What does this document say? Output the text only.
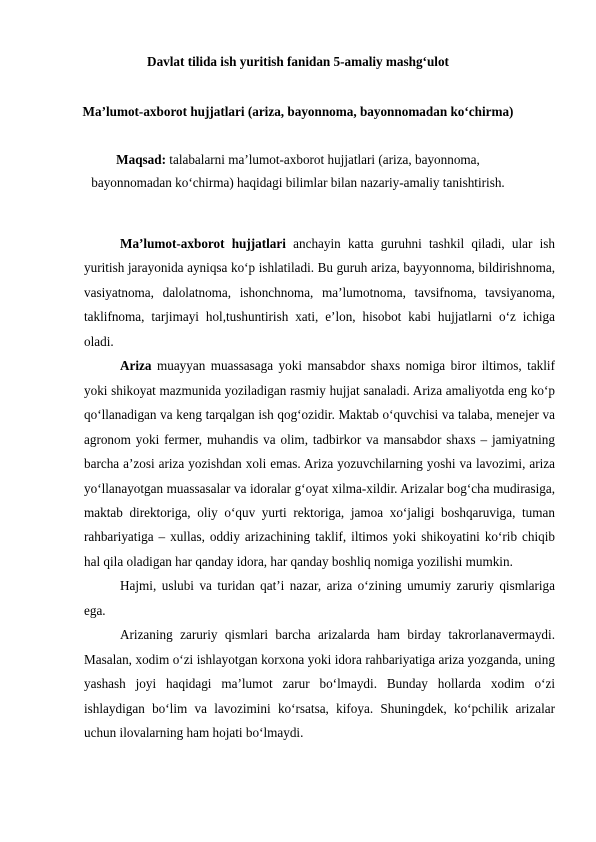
Davlat tilida ish yuritish fanidan 5-amaliy mashg‘ulot
Ma’lumot-axborot hujjatlari (ariza, bayonnoma, bayonnomadan ko‘chirma)
Maqsad: talabalarni ma’lumot-axborot hujjatlari (ariza, bayonnoma,
bayonnomadan ko‘chirma) haqidagi bilimlar bilan nazariy-amaliy tanishtirish.

Ma’lumot-axborot hujjatlari anchayin katta guruhni tashkil qiladi, ular ish yuritish jarayonida ayniqsa ko‘p ishlatiladi. Bu guruh ariza, bayyonnoma, bildirishnoma, vasiyatnoma, dalolatnoma, ishonchnoma, ma’lumotnoma, tavsifnoma, tavsiyanoma, taklifnoma, tarjimayi hol,tushuntirish xati, e’lon, hisobot kabi hujjatlarni o‘z ichiga oladi.

Ariza muayyan muassasaga yoki mansabdor shaxs nomiga biror iltimos, taklif yoki shikoyat mazmunida yoziladigan rasmiy hujjat sanaladi. Ariza amaliyotda eng ko‘p qo‘llanadigan va keng tarqalgan ish qog‘ozidir. Maktab o‘quvchisi va talaba, menejer va agronom yoki fermer, muhandis va olim, tadbirkor va mansabdor shaxs – jamiyatning barcha a’zosi ariza yozishdan xoli emas. Ariza yozuvchilarning yoshi va lavozimi, ariza yo‘llanayotgan muassasalar va idoralar g‘oyat xilma-xildir. Arizalar bog‘cha mudirasiga, maktab direktoriga, oliy o‘quv yurti rektoriga, jamoa xo‘jaligi boshqaruviga, tuman rahbariyatiga – xullas, oddiy arizachining taklif, iltimos yoki shikoyatini ko‘rib chiqib hal qila oladigan har qanday idora, har qanday boshliq nomiga yozilishi mumkin.

Hajmi, uslubi va turidan qat’i nazar, ariza o‘zining umumiy zaruriy qismlariga ega.

Arizaning zaruriy qismlari barcha arizalarda ham birday takrorlanavermaydi. Masalan, xodim o‘zi ishlayotgan korxona yoki idora rahbariyatiga ariza yozganda, uning yashash joyi haqidagi ma’lumot zarur bo‘lmaydi. Bunday hollarda xodim o‘zi ishlaydigan bo‘lim va lavozimini ko‘rsatsa, kifoya. Shuningdek, ko‘pchilik arizalar uchun ilovalarning ham hojati bo‘lmaydi.
